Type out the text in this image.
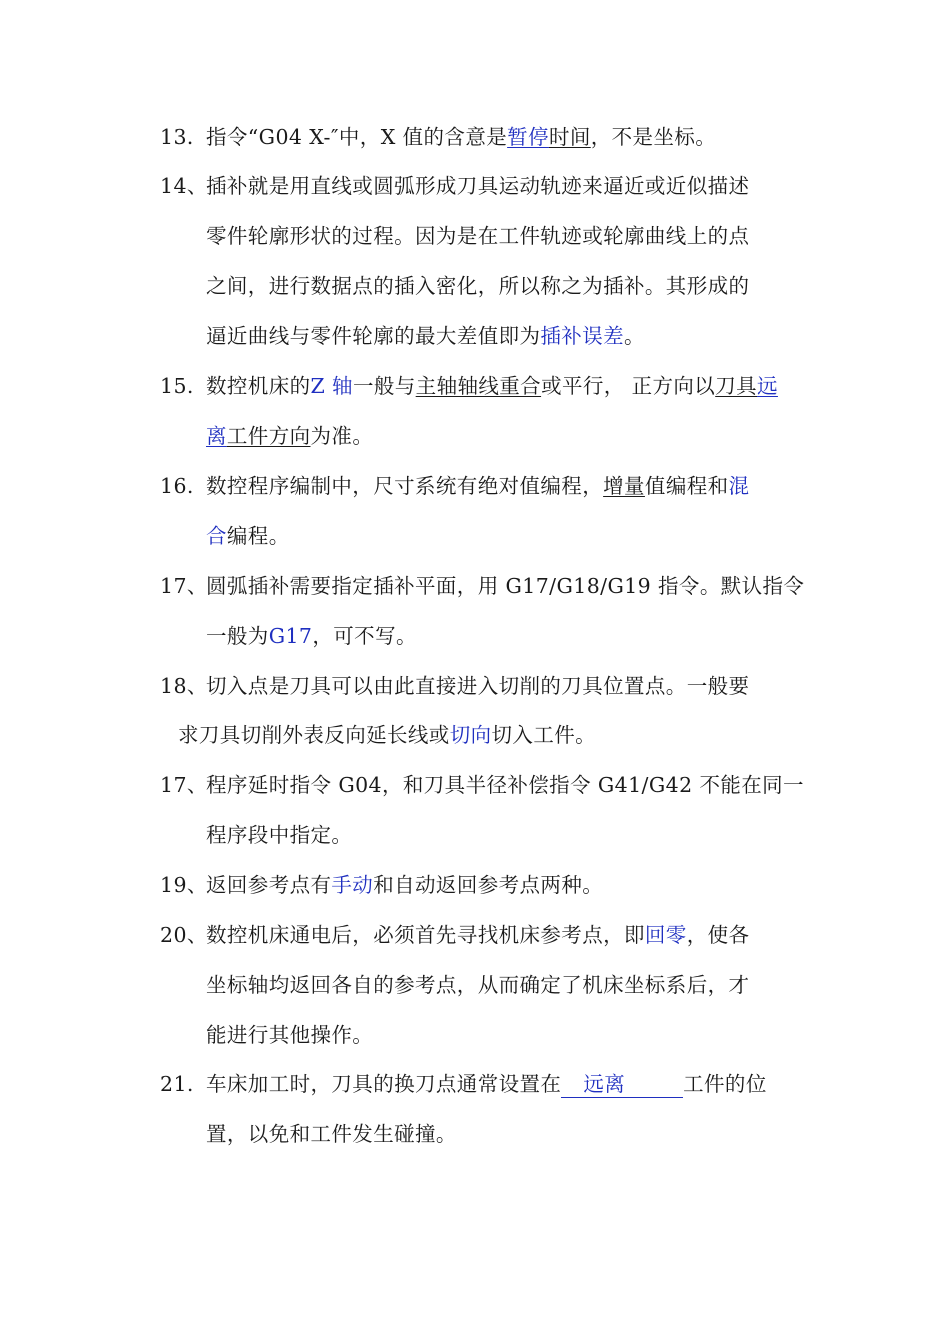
13．
指令“G04 X-″中，X 值的含意是暂停时间，不是坐标。
14、
插补就是用直线或圆弧形成刀具运动轨迹来逼近或近似描述
零件轮廓形状的过程。因为是在工件轨迹或轮廓曲线上的点
之间，进行数据点的插入密化，所以称之为插补。其形成的
逼近曲线与零件轮廓的最大差值即为插补误差。
15. 数控机床的Z 轴一般与主轴轴线重合或平行， 正方向以刀具远
离工件方向为准。
16. 数控程序编制中，尺寸系统有绝对值编程，增量值编程和混
合编程。
17、
圆弧插补需要指定插补平面，用 G17/G18/G19 指令。默认指令
一般为G17，可不写。
18、
切入点是刀具可以由此直接进入切削的刀具位置点。一般要
求刀具切削外表反向延长线或切向切入工件。
17、
程序延时指令 G04，和刀具半径补偿指令 G41/G42 不能在同一
程序段中指定。
19、
返回参考点有手动和自动返回参考点两种。
20、
数控机床通电后，必须首先寻找机床参考点，即回零，使各
坐标轴均返回各自的参考点，从而确定了机床坐标系后，才
能进行其他操作。
21. 车床加工时，刀具的换刀点通常设置在 远离	工件的位
置，以免和工件发生碰撞。
